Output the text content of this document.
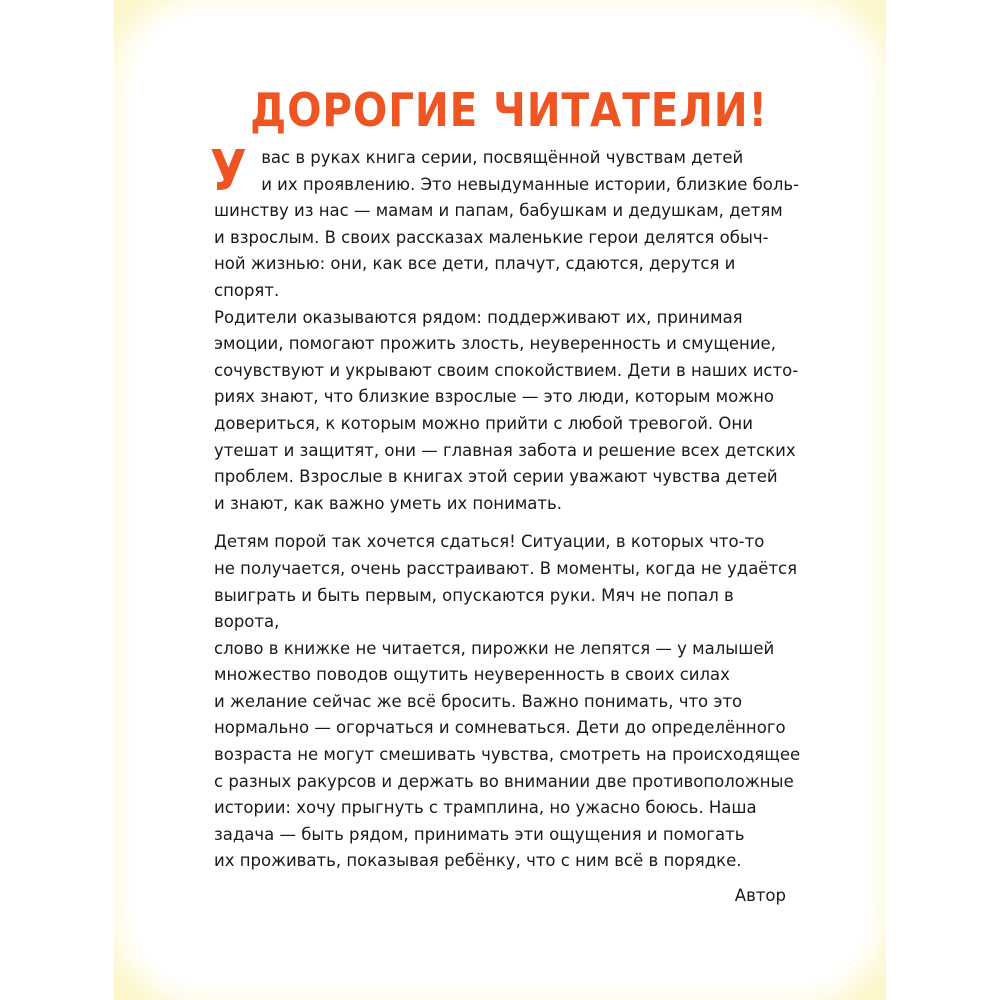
ДОРОГИЕ ЧИТАТЕЛИ!

У вас в руках книга серии, посвящённой чувствам детей
и их проявлению. Это невыдуманные истории, близкие боль-
шинству из нас — мамам и папам, бабушкам и дедушкам, детям
и взрослым. В своих рассказах маленькие герои делятся обыч-
ной жизнью: они, как все дети, плачут, сдаются, дерутся и спорят.
Родители оказываются рядом: поддерживают их, принимая
эмоции, помогают прожить злость, неуверенность и смущение,
сочувствуют и укрывают своим спокойствием. Дети в наших исто-
риях знают, что близкие взрослые — это люди, которым можно
довериться, к которым можно прийти с любой тревогой. Они
утешат и защитят, они — главная забота и решение всех детских
проблем. Взрослые в книгах этой серии уважают чувства детей
и знают, как важно уметь их понимать.

Детям порой так хочется сдаться! Ситуации, в которых что-то
не получается, очень расстраивают. В моменты, когда не удаётся
выиграть и быть первым, опускаются руки. Мяч не попал в ворота,
слово в книжке не читается, пирожки не лепятся — у малышей
множество поводов ощутить неуверенность в своих силах
и желание сейчас же всё бросить. Важно понимать, что это
нормально — огорчаться и сомневаться. Дети до определённого
возраста не могут смешивать чувства, смотреть на происходящее
с разных ракурсов и держать во внимании две противоположные
истории: хочу прыгнуть с трамплина, но ужасно боюсь. Наша
задача — быть рядом, принимать эти ощущения и помогать
их проживать, показывая ребёнку, что с ним всё в порядке.

Автор
